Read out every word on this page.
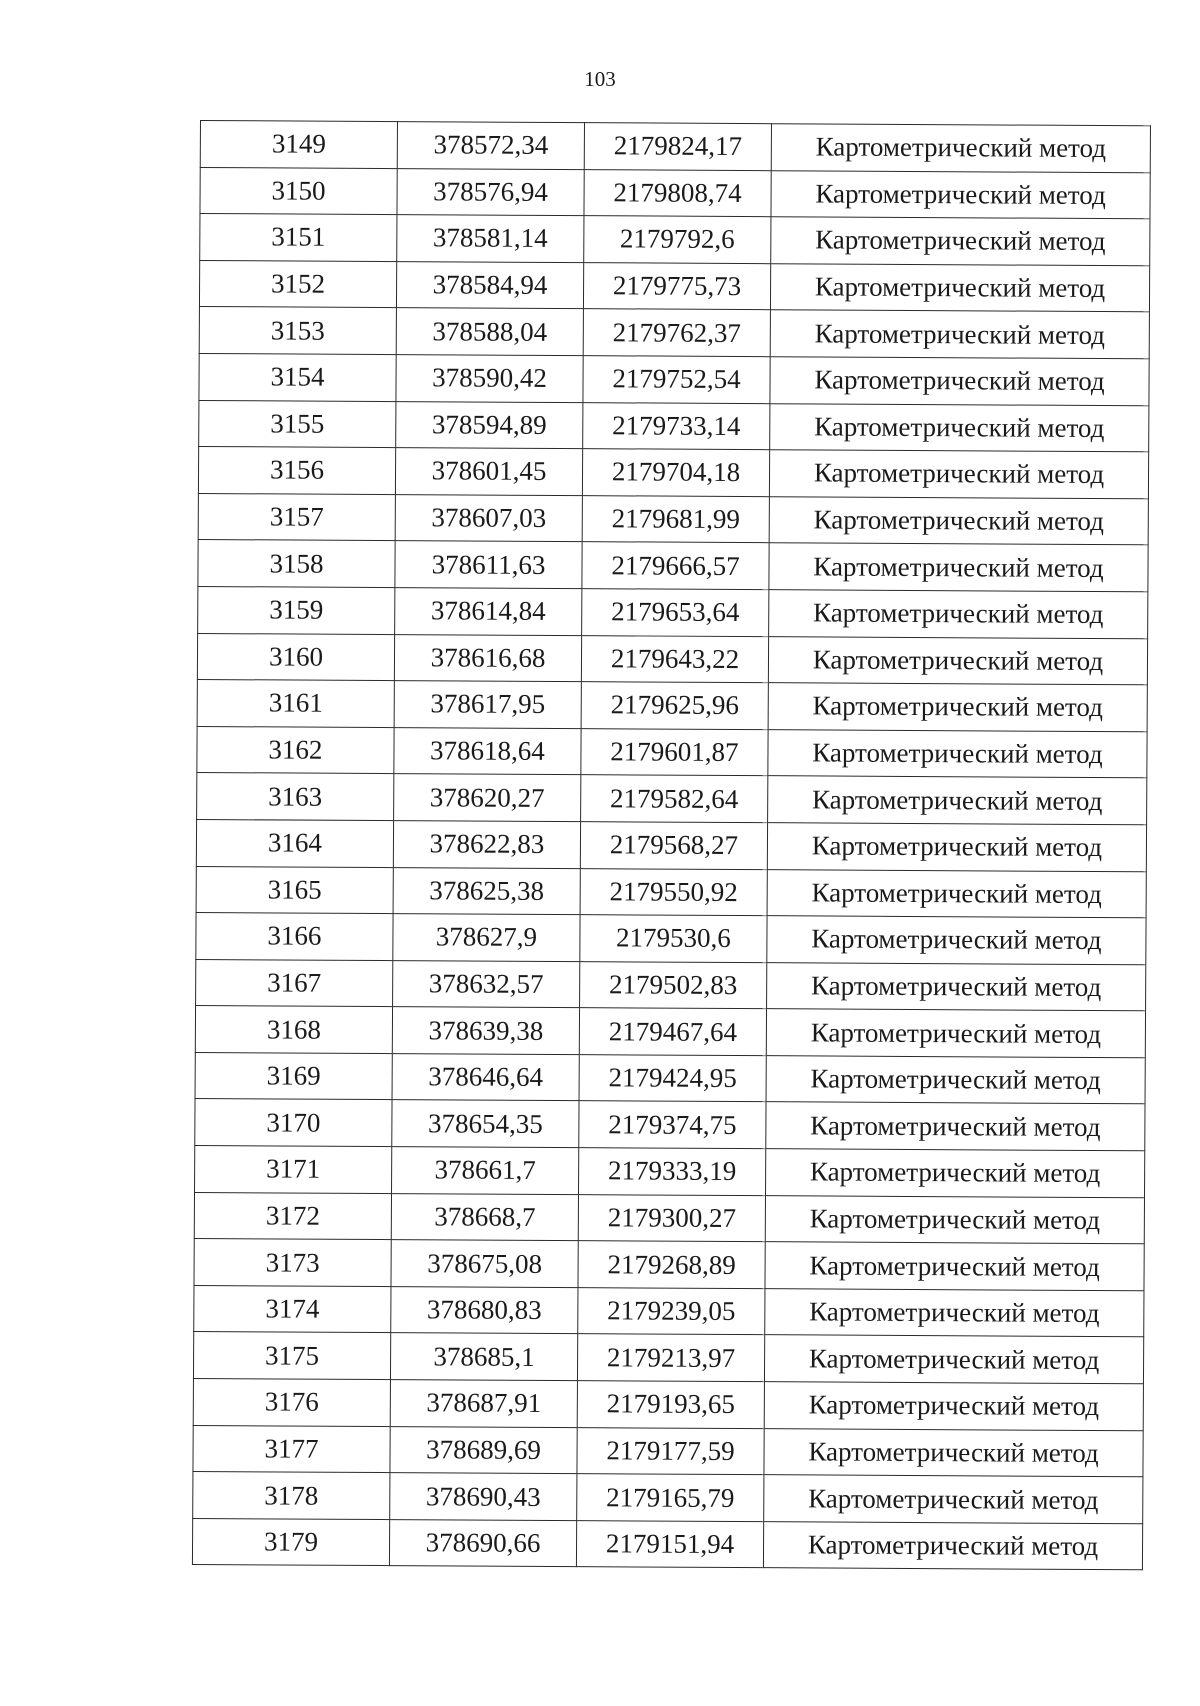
103
3149	378572,34	2179824,17	Картометрический метод
3150	378576,94	2179808,74	Картометрический метод
3151	378581,14	2179792,6	Картометрический метод
3152	378584,94	2179775,73	Картометрический метод
3153	378588,04	2179762,37	Картометрический метод
3154	378590,42	2179752,54	Картометрический метод
3155	378594,89	2179733,14	Картометрический метод
3156	378601,45	2179704,18	Картометрический метод
3157	378607,03	2179681,99	Картометрический метод
3158	378611,63	2179666,57	Картометрический метод
3159	378614,84	2179653,64	Картометрический метод
3160	378616,68	2179643,22	Картометрический метод
3161	378617,95	2179625,96	Картометрический метод
3162	378618,64	2179601,87	Картометрический метод
3163	378620,27	2179582,64	Картометрический метод
3164	378622,83	2179568,27	Картометрический метод
3165	378625,38	2179550,92	Картометрический метод
3166	378627,9	2179530,6	Картометрический метод
3167	378632,57	2179502,83	Картометрический метод
3168	378639,38	2179467,64	Картометрический метод
3169	378646,64	2179424,95	Картометрический метод
3170	378654,35	2179374,75	Картометрический метод
3171	378661,7	2179333,19	Картометрический метод
3172	378668,7	2179300,27	Картометрический метод
3173	378675,08	2179268,89	Картометрический метод
3174	378680,83	2179239,05	Картометрический метод
3175	378685,1	2179213,97	Картометрический метод
3176	378687,91	2179193,65	Картометрический метод
3177	378689,69	2179177,59	Картометрический метод
3178	378690,43	2179165,79	Картометрический метод
3179	378690,66	2179151,94	Картометрический метод
